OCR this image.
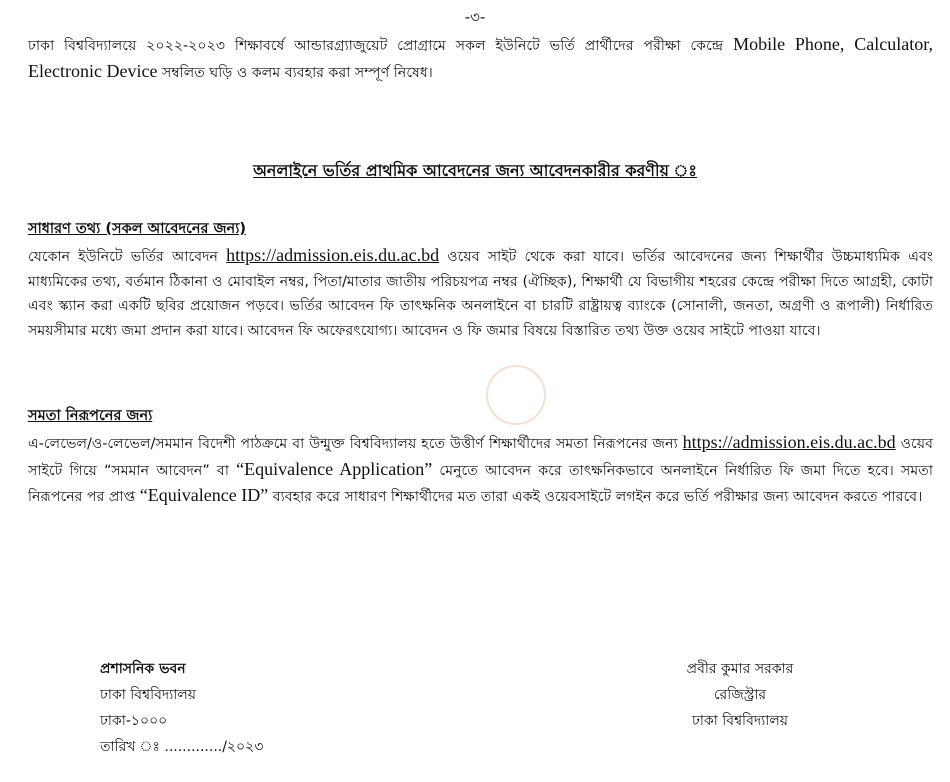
-৩-
ঢাকা বিশ্ববিদ্যালয়ে ২০২২-২০২৩ শিক্ষাবর্ষে আন্ডারগ্র্যাজুয়েট প্রোগ্রামে সকল ইউনিটে ভর্তি প্রার্থীদের পরীক্ষা কেন্দ্রে Mobile Phone, Calculator, Electronic Device সম্বলিত ঘড়ি ও কলম ব্যবহার করা সম্পূর্ণ নিষেধ।
অনলাইনে ভর্তির প্রাথমিক আবেদনের জন্য আবেদনকারীর করণীয় ঃ
সাধারণ তথ্য (সকল আবেদনের জন্য)
যেকোন ইউনিটে ভর্তির আবেদন https://admission.eis.du.ac.bd ওয়েব সাইট থেকে করা যাবে। ভর্তির আবেদনের জন্য শিক্ষার্থীর উচ্চমাধ্যমিক এবং মাধ্যমিকের তথ্য, বর্তমান ঠিকানা ও মোবাইল নম্বর, পিতা/মাতার জাতীয় পরিচয়পত্র নম্বর (ঐচ্ছিক), শিক্ষার্থী যে বিভাগীয় শহরের কেন্দ্রে পরীক্ষা দিতে আগ্রহী, কোটা এবং স্ক্যান করা একটি ছবির প্রয়োজন পড়বে। ভর্তির আবেদন ফি তাৎক্ষনিক অনলাইনে বা চারটি রাষ্ট্রায়ত্ব ব্যাংকে (সোনালী, জনতা, অগ্রণী ও রূপালী) নির্ধারিত সময়সীমার মধ্যে জমা প্রদান করা যাবে। আবেদন ফি অফেরৎযোগ্য। আবেদন ও ফি জমার বিষয়ে বিস্তারিত তথ্য উক্ত ওয়েব সাইটে পাওয়া যাবে।
সমতা নিরূপনের জন্য
এ-লেভেল/ও-লেভেল/সমমান বিদেশী পাঠক্রমে বা উন্মুক্ত বিশ্ববিদ্যালয় হতে উত্তীর্ণ শিক্ষার্থীদের সমতা নিরূপনের জন্য https://admission.eis.du.ac.bd ওয়েব সাইটে গিয়ে “সমমান আবেদন” বা “Equivalence Application” মেনুতে আবেদন করে তাৎক্ষনিকভাবে অনলাইনে নির্ধারিত ফি জমা দিতে হবে। সমতা নিরূপনের পর প্রাপ্ত “Equivalence ID” ব্যবহার করে সাধারণ শিক্ষার্থীদের মত তারা একই ওয়েবসাইটে লগইন করে ভর্তি পরীক্ষার জন্য আবেদন করতে পারবে।
প্রশাসনিক ভবন
ঢাকা বিশ্ববিদ্যালয়
ঢাকা-১০০০
তারিখ ঃ ............./২০২৩
প্রবীর কুমার সরকার
রেজিস্ট্রার
ঢাকা বিশ্ববিদ্যালয়
